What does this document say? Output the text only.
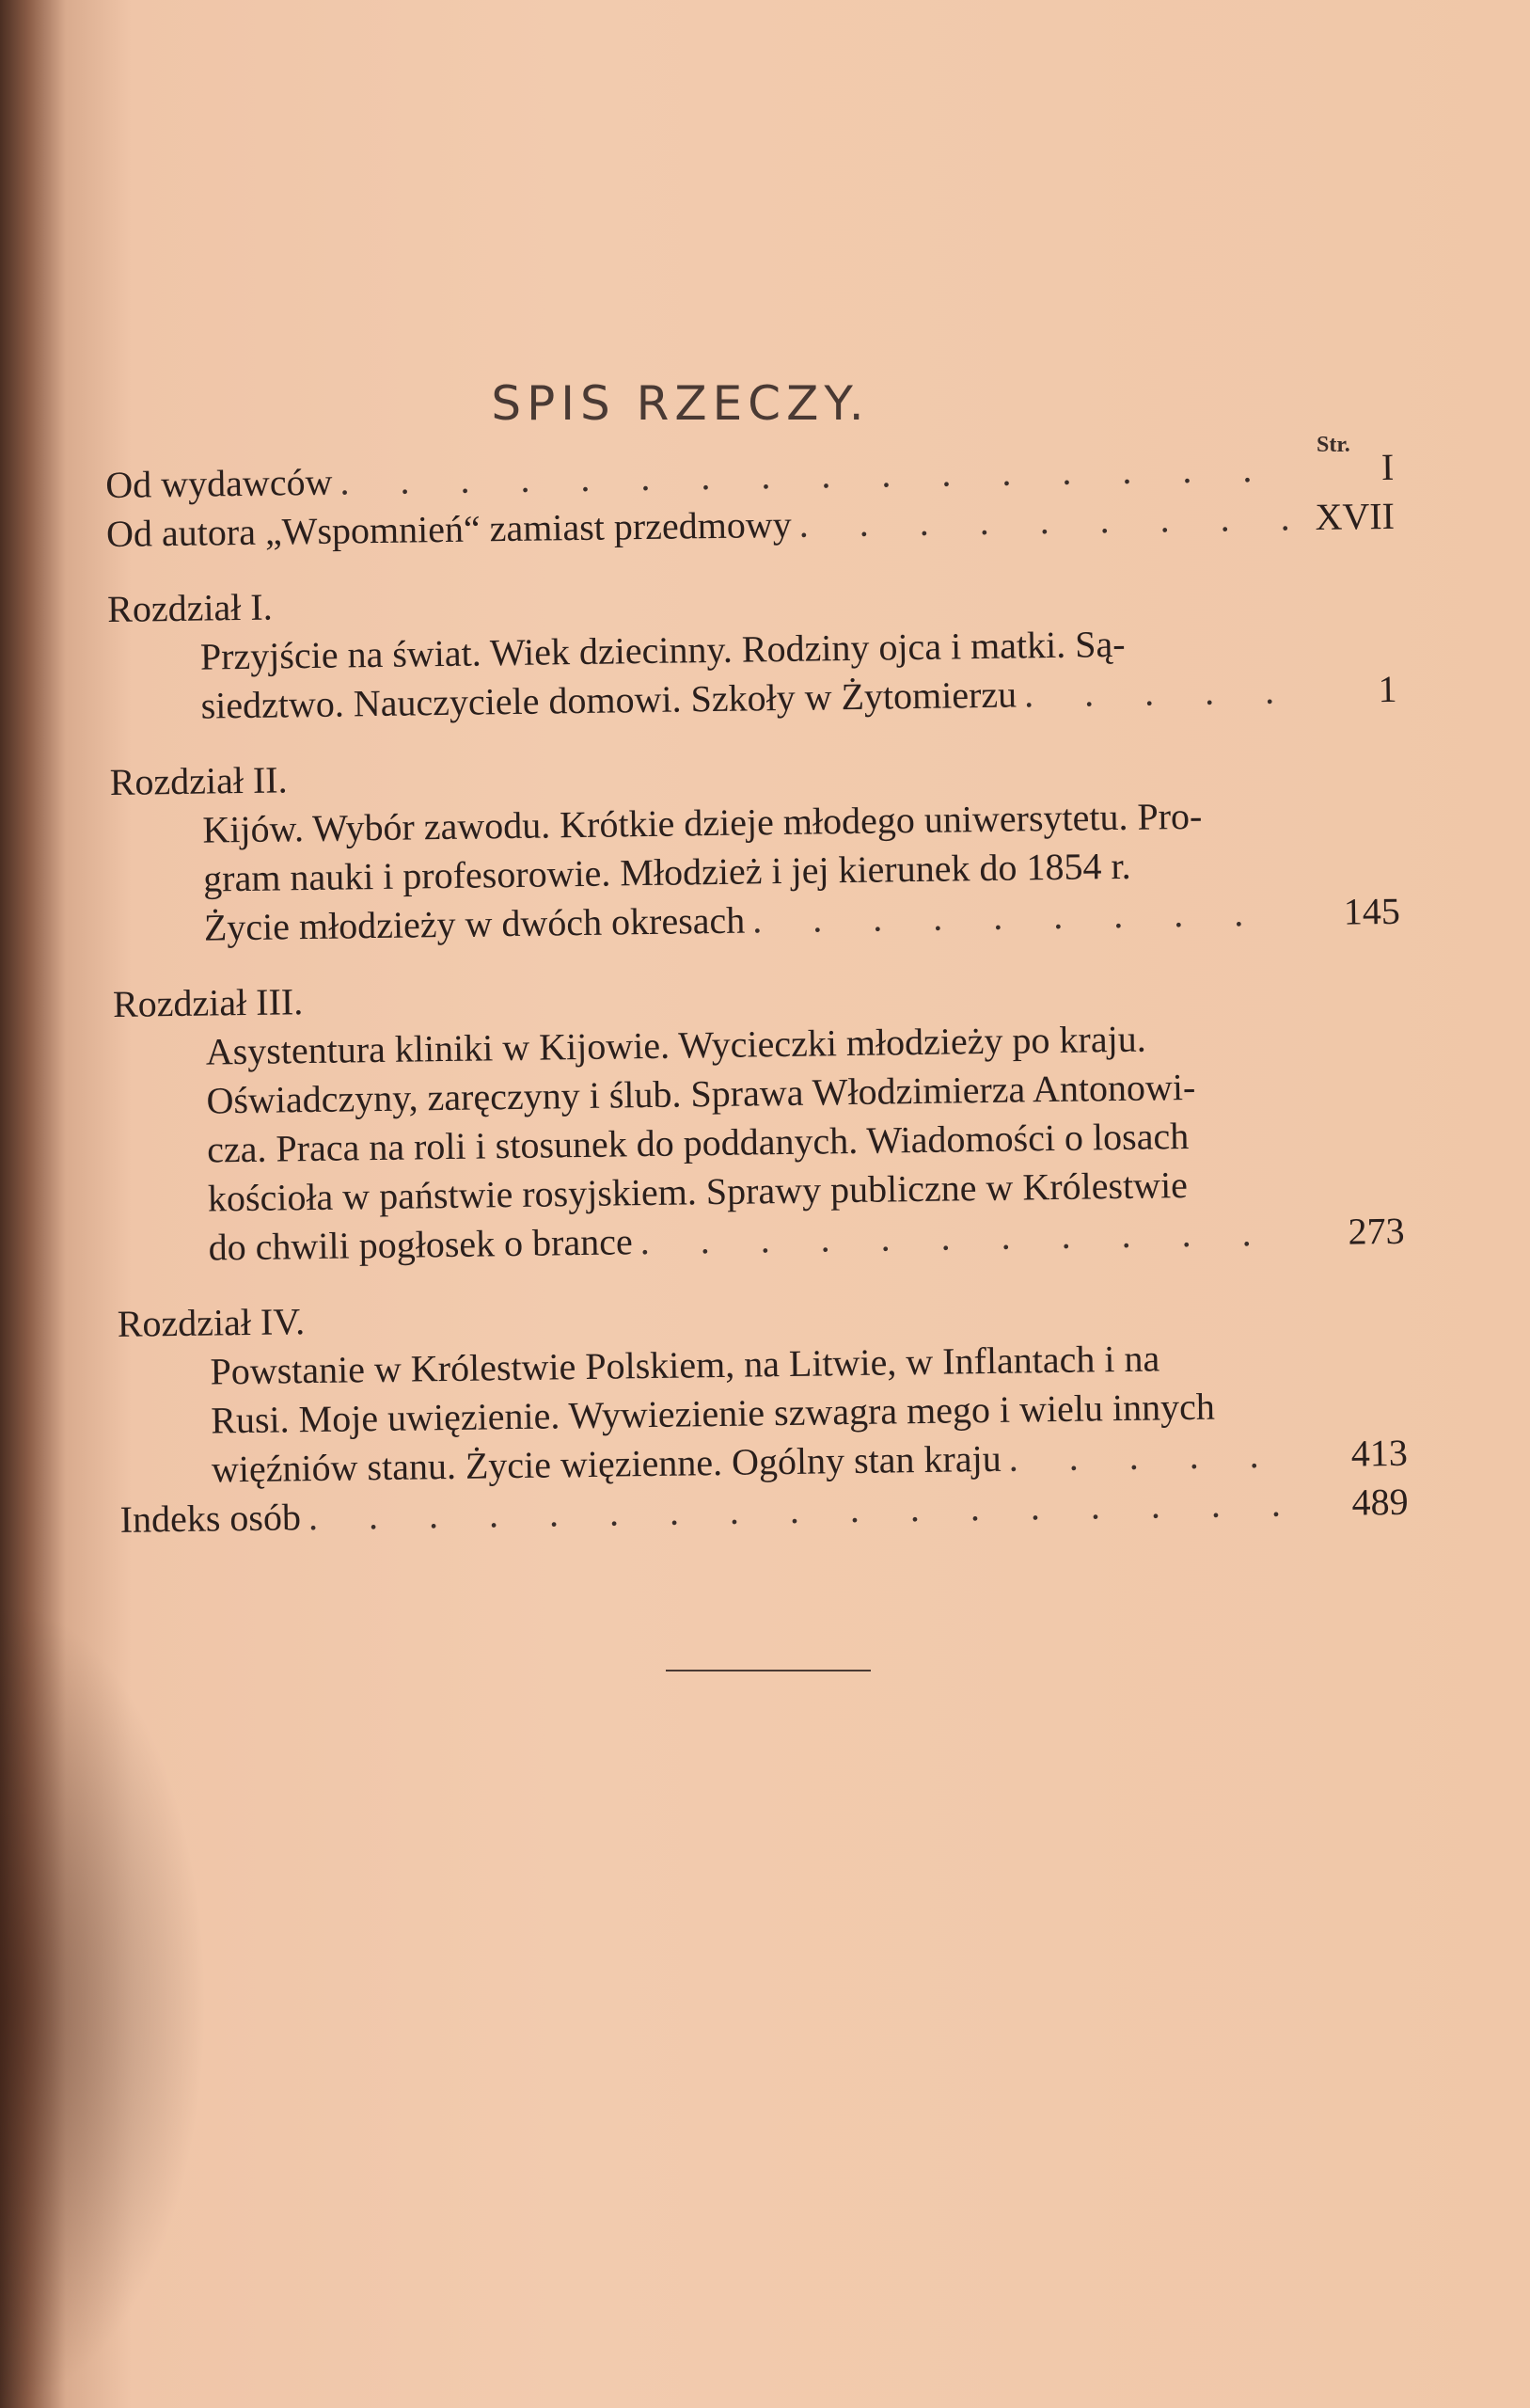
SPIS RZECZY.
Str.
Od wydawców . . .	I
Od autora „Wspomnień“ zamiast przedmowy . . .	XVII
Rozdział I.
Przyjście na świat. Wiek dziecinny. Rodziny ojca i matki. Są-
siedztwo. Nauczyciele domowi. Szkoły w Żytomierzu . . .	1
Rozdział II.
Kijów. Wybór zawodu. Krótkie dzieje młodego uniwersytetu. Pro-
gram nauki i profesorowie. Młodzież i jej kierunek do 1854 r.
Życie młodzieży w dwóch okresach . . .	145
Rozdział III.
Asystentura kliniki w Kijowie. Wycieczki młodzieży po kraju.
Oświadczyny, zaręczyny i ślub. Sprawa Włodzimierza Antonowi-
cza. Praca na roli i stosunek do poddanych. Wiadomości o losach
kościoła w państwie rosyjskiem. Sprawy publiczne w Królestwie
do chwili pogłosek o brance . . .	273
Rozdział IV.
Powstanie w Królestwie Polskiem, na Litwie, w Inflantach i na
Rusi. Moje uwięzienie. Wywiezienie szwagra mego i wielu innych
więźniów stanu. Życie więzienne. Ogólny stan kraju . . .	413
Indeks osób . . .	489
